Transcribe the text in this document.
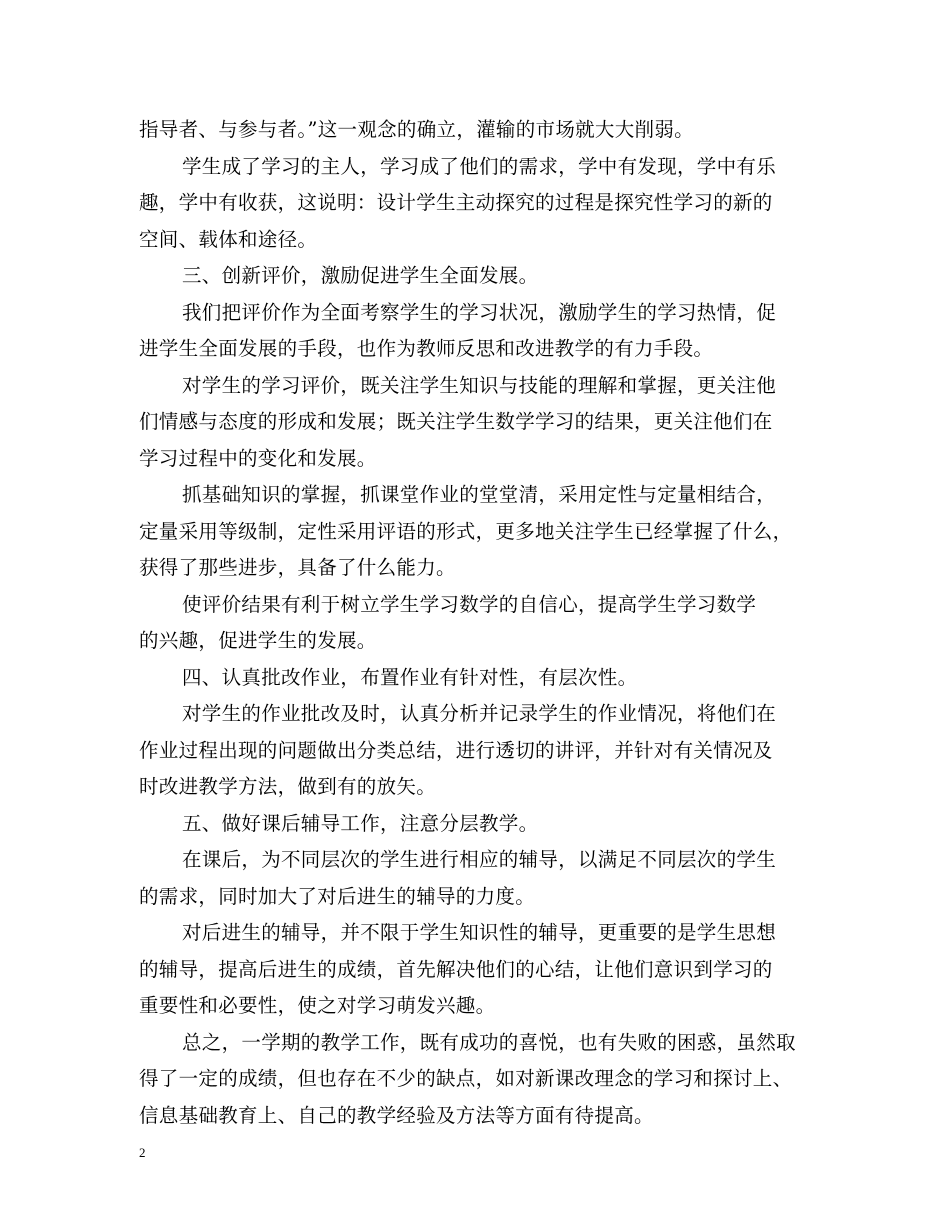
指导者、与参与者。”这一观念的确立，灌输的市场就大大削弱。
学生成了学习的主人，学习成了他们的需求，学中有发现，学中有乐
趣，学中有收获，这说明：设计学生主动探究的过程是探究性学习的新的
空间、载体和途径。
三、创新评价，激励促进学生全面发展。
我们把评价作为全面考察学生的学习状况，激励学生的学习热情，促
进学生全面发展的手段，也作为教师反思和改进教学的有力手段。
对学生的学习评价，既关注学生知识与技能的理解和掌握，更关注他
们情感与态度的形成和发展；既关注学生数学学习的结果，更关注他们在
学习过程中的变化和发展。
抓基础知识的掌握，抓课堂作业的堂堂清，采用定性与定量相结合，
定量采用等级制，定性采用评语的形式，更多地关注学生已经掌握了什么，
获得了那些进步，具备了什么能力。
使评价结果有利于树立学生学习数学的自信心，提高学生学习数学
的兴趣，促进学生的发展。
四、认真批改作业，布置作业有针对性，有层次性。
对学生的作业批改及时，认真分析并记录学生的作业情况，将他们在
作业过程出现的问题做出分类总结，进行透切的讲评，并针对有关情况及
时改进教学方法，做到有的放矢。
五、做好课后辅导工作，注意分层教学。
在课后，为不同层次的学生进行相应的辅导，以满足不同层次的学生
的需求，同时加大了对后进生的辅导的力度。
对后进生的辅导，并不限于学生知识性的辅导，更重要的是学生思想
的辅导，提高后进生的成绩，首先解决他们的心结，让他们意识到学习的
重要性和必要性，使之对学习萌发兴趣。
总之，一学期的教学工作，既有成功的喜悦，也有失败的困惑，虽然取
得了一定的成绩，但也存在不少的缺点，如对新课改理念的学习和探讨上、
信息基础教育上、自己的教学经验及方法等方面有待提高。
2
